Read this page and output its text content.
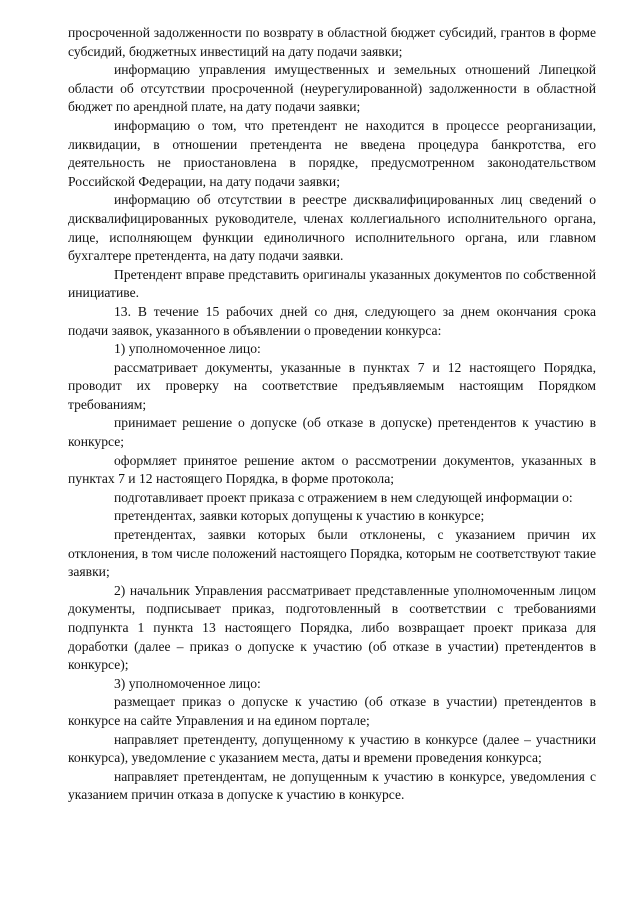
просроченной задолженности по возврату в областной бюджет субсидий, грантов в форме субсидий, бюджетных инвестиций на дату подачи заявки;

информацию управления имущественных и земельных отношений Липецкой области об отсутствии просроченной (неурегулированной) задолженности в областной бюджет по арендной плате, на дату подачи заявки;

информацию о том, что претендент не находится в процессе реорганизации, ликвидации, в отношении претендента не введена процедура банкротства, его деятельность не приостановлена в порядке, предусмотренном законодательством Российской Федерации, на дату подачи заявки;

информацию об отсутствии в реестре дисквалифицированных лиц сведений о дисквалифицированных руководителе, членах коллегиального исполнительного органа, лице, исполняющем функции единоличного исполнительного органа, или главном бухгалтере претендента, на дату подачи заявки.

Претендент вправе представить оригиналы указанных документов по собственной инициативе.

13. В течение 15 рабочих дней со дня, следующего за днем окончания срока подачи заявок, указанного в объявлении о проведении конкурса:

1) уполномоченное лицо:

рассматривает документы, указанные в пунктах 7 и 12 настоящего Порядка, проводит их проверку на соответствие предъявляемым настоящим Порядком требованиям;

принимает решение о допуске (об отказе в допуске) претендентов к участию в конкурсе;

оформляет принятое решение актом о рассмотрении документов, указанных в пунктах 7 и 12 настоящего Порядка, в форме протокола;

подготавливает проект приказа с отражением в нем следующей информации о:

претендентах, заявки которых допущены к участию в конкурсе;

претендентах, заявки которых были отклонены, с указанием причин их отклонения, в том числе положений настоящего Порядка, которым не соответствуют такие заявки;

2) начальник Управления рассматривает представленные уполномоченным лицом документы, подписывает приказ, подготовленный в соответствии с требованиями подпункта 1 пункта 13 настоящего Порядка, либо возвращает проект приказа для доработки (далее – приказ о допуске к участию (об отказе в участии) претендентов в конкурсе);

3) уполномоченное лицо:

размещает приказ о допуске к участию (об отказе в участии) претендентов в конкурсе на сайте Управления и на едином портале;

направляет претенденту, допущенному к участию в конкурсе (далее – участники конкурса), уведомление с указанием места, даты и времени проведения конкурса;

направляет претендентам, не допущенным к участию в конкурсе, уведомления с указанием причин отказа в допуске к участию в конкурсе.
